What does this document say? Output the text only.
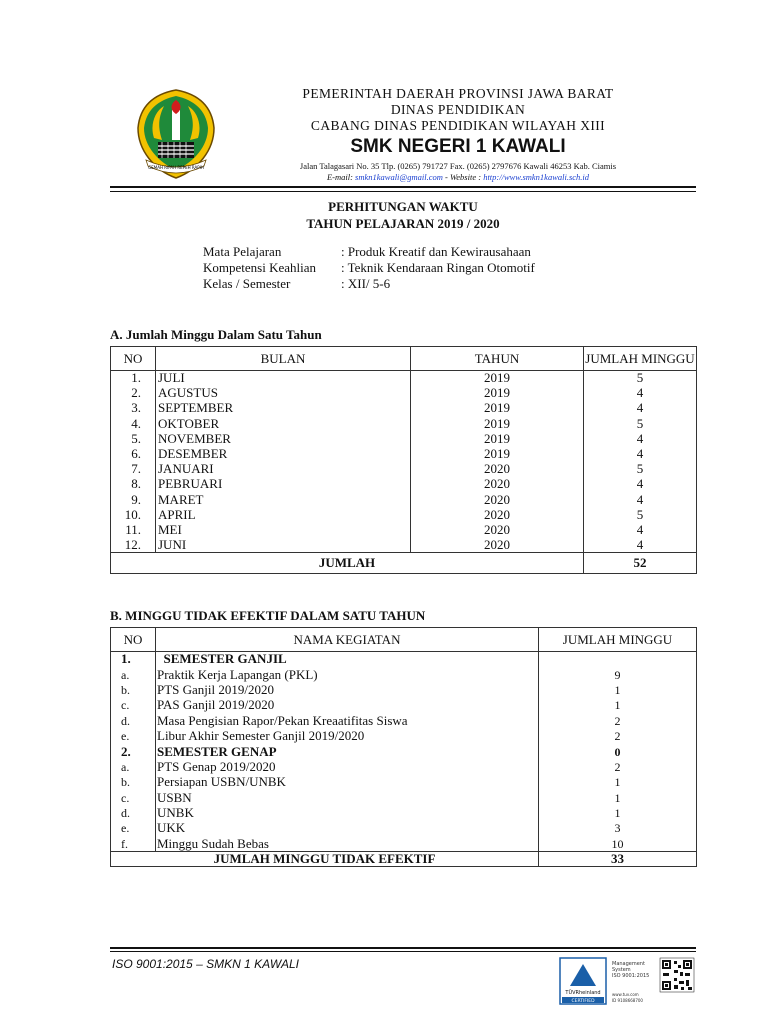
GEMAH RIPAH REPEH RAPIH
PEMERINTAH DAERAH PROVINSI JAWA BARAT
DINAS PENDIDIKAN
CABANG DINAS PENDIDIKAN WILAYAH XIII
SMK NEGERI 1 KAWALI
Jalan Talagasari No. 35 Tlp. (0265) 791727 Fax. (0265) 2797676 Kawali 46253 Kab. Ciamis
E-mail: smkn1kawali@gmail.com - Website : http://www.smkn1kawali.sch.id
PERHITUNGAN WAKTU
TAHUN PELAJARAN 2019 / 2020
Mata Pelajaran	: Produk Kreatif dan Kewirausahaan
Kompetensi Keahlian	: Teknik Kendaraan Ringan Otomotif
Kelas / Semester	: XII/ 5-6
A. Jumlah Minggu Dalam Satu Tahun
NO	BULAN	TAHUN	JUMLAH MINGGU
1.	JULI	2019	5
2.	AGUSTUS	2019	4
3.	SEPTEMBER	2019	4
4.	OKTOBER	2019	5
5.	NOVEMBER	2019	4
6.	DESEMBER	2019	4
7.	JANUARI	2020	5
8.	PEBRUARI	2020	4
9.	MARET	2020	4
10.	APRIL	2020	5
11.	MEI	2020	4
12.	JUNI	2020	4
JUMLAH			52
B. MINGGU TIDAK EFEKTIF DALAM SATU TAHUN
NO	NAMA KEGIATAN	JUMLAH MINGGU
1.	SEMESTER GANJIL	
a.	Praktik Kerja Lapangan (PKL)	9
b.	PTS Ganjil 2019/2020	1
c.	PAS Ganjil 2019/2020	1
d.	Masa Pengisian Rapor/Pekan Kreaatifitas Siswa	2
e.	Libur Akhir Semester Ganjil 2019/2020	2
2.	SEMESTER GENAP	0
a.	PTS Genap 2019/2020	2
b.	Persiapan USBN/UNBK	1
c.	USBN	1
d.	UNBK	1
e.	UKK	3
f.	Minggu Sudah Bebas	10
JUMLAH MINGGU TIDAK EFEKTIF		33
ISO 9001:2015 – SMKN 1 KAWALI
TÜVRheinland
CERTIFIED
Management
System
ISO 9001:2015
www.tuv.com
ID 9108668700
